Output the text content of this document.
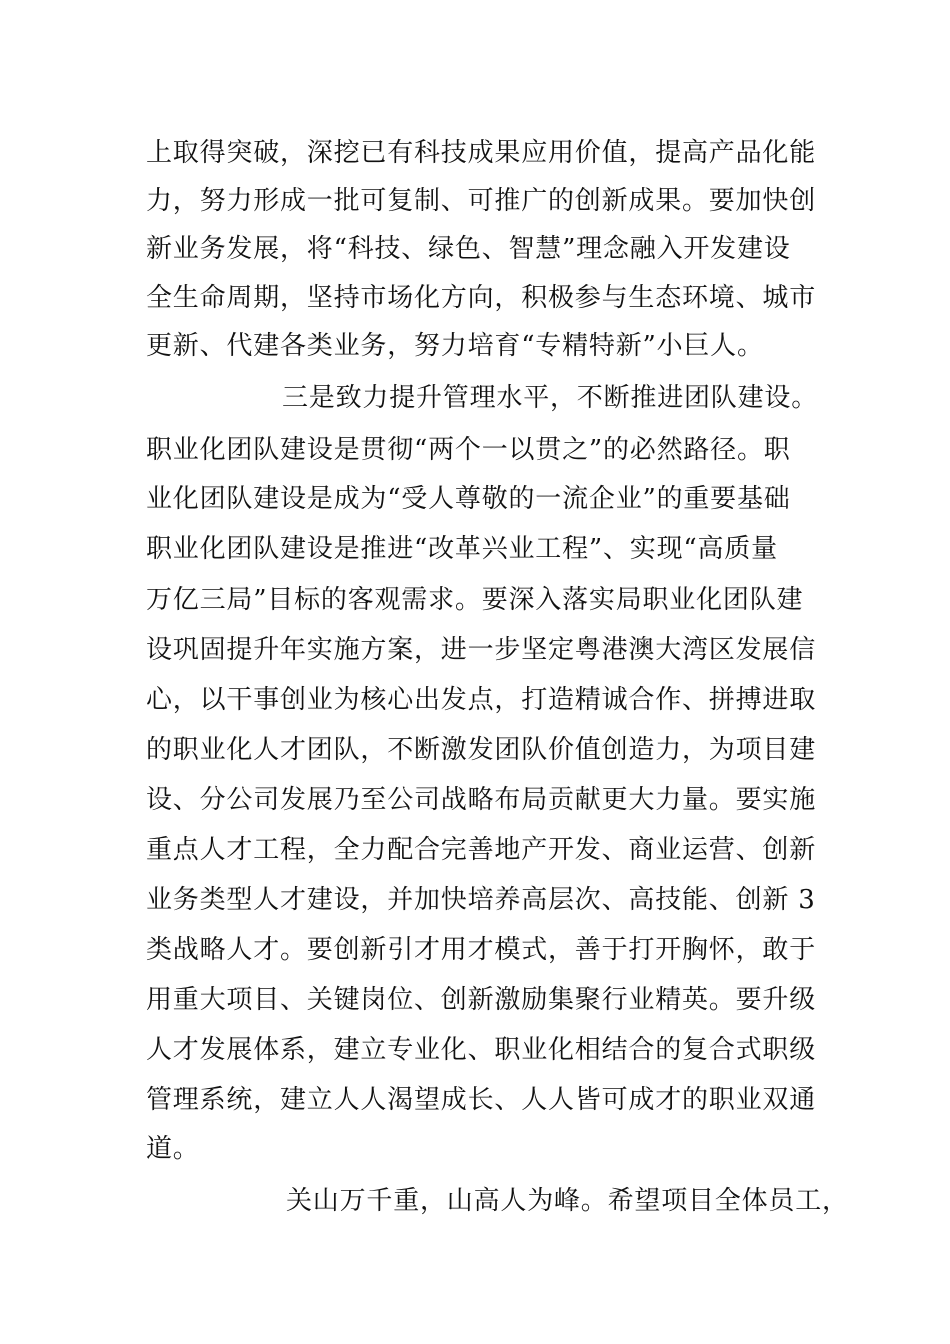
上取得突破，深挖已有科技成果应用价值，提高产品化能
力，努力形成一批可复制、可推广的创新成果。要加快创
新业务发展，将“科技、绿色、智慧”理念融入开发建设
全生命周期，坚持市场化方向，积极参与生态环境、城市
更新、代建各类业务，努力培育“专精特新”小巨人。
三是致力提升管理水平，不断推进团队建设。
职业化团队建设是贯彻“两个一以贯之”的必然路径。职
业化团队建设是成为“受人尊敬的一流企业”的重要基础
职业化团队建设是推进“改革兴业工程”、实现“高质量
万亿三局”目标的客观需求。要深入落实局职业化团队建
设巩固提升年实施方案，进一步坚定粤港澳大湾区发展信
心，以干事创业为核心出发点，打造精诚合作、拼搏进取
的职业化人才团队，不断激发团队价值创造力，为项目建
设、分公司发展乃至公司战略布局贡献更大力量。要实施
重点人才工程，全力配合完善地产开发、商业运营、创新
业务类型人才建设，并加快培养高层次、高技能、创新 3
类战略人才。要创新引才用才模式，善于打开胸怀，敢于
用重大项目、关键岗位、创新激励集聚行业精英。要升级
人才发展体系，建立专业化、职业化相结合的复合式职级
管理系统，建立人人渴望成长、人人皆可成才的职业双通
道。
关山万千重，山高人为峰。希望项目全体员工，
